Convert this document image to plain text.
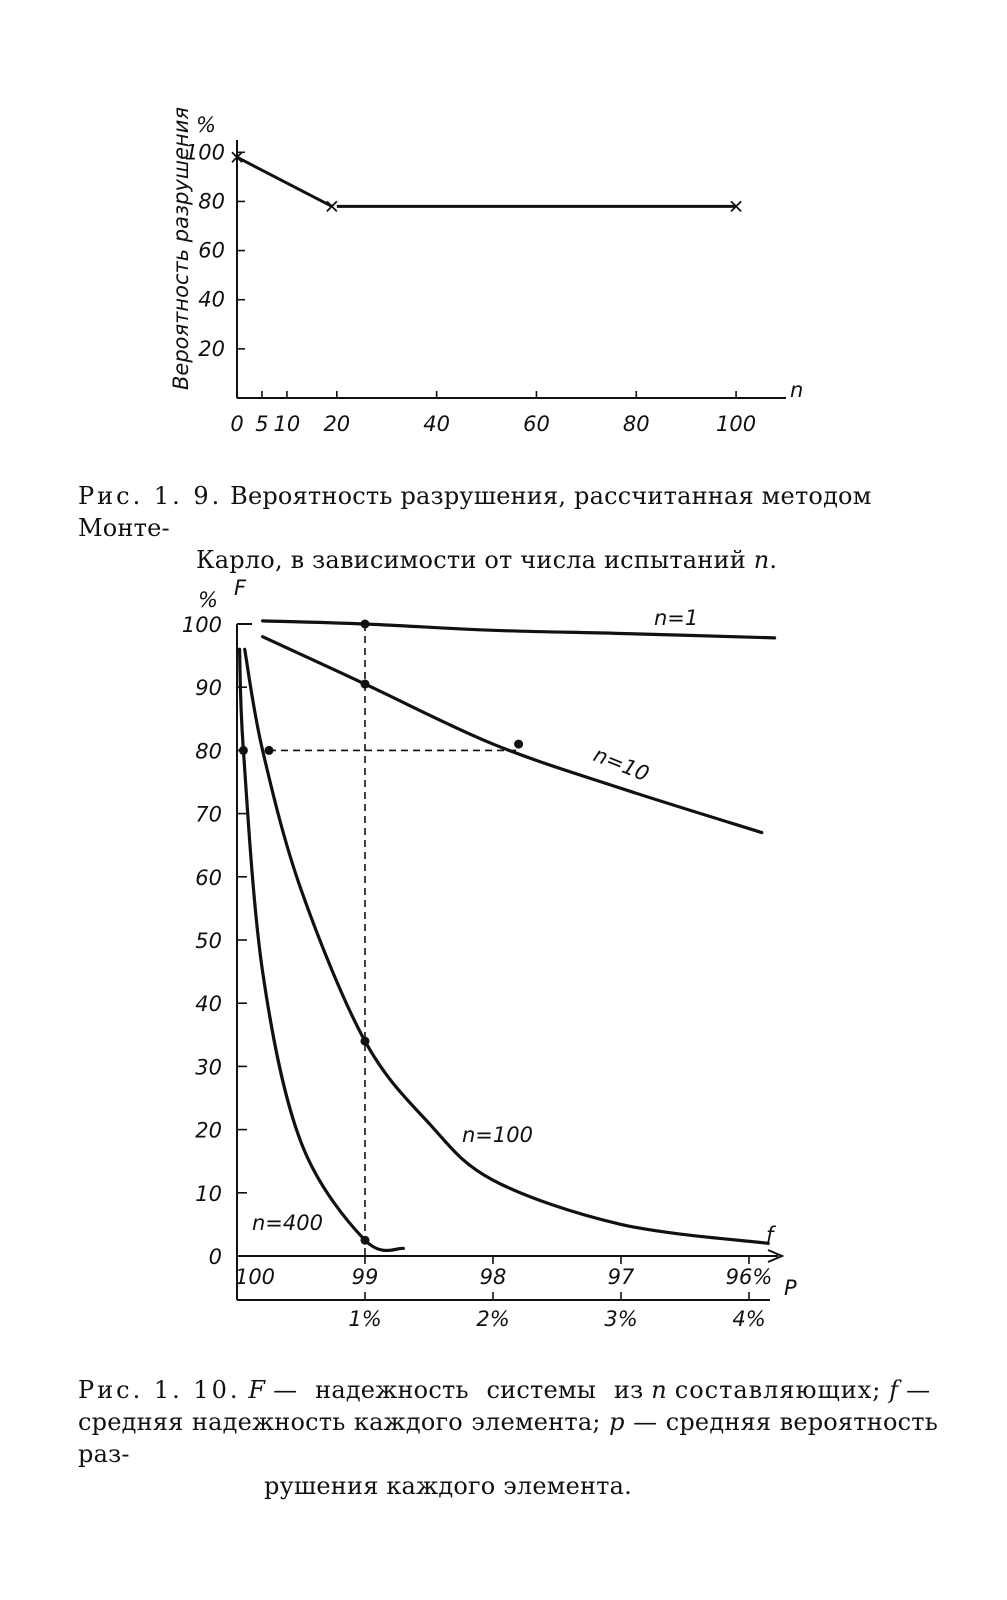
20
40
60
80
100
0 5 10 20	40	60	80	100
%
Вероятность разрушения	n
Рис. 1. 9. Вероятность разрушения, рассчитанная методом Монте-
Карло, в зависимости от числа испытаний n.
0
10
20
30
40
50
60
70
80
90
100
100	99	98	97	96%
1%	2%	3%	4%
% F
P
f
n=1
n=10
n=100
n=400
Рис. 1. 10. F — надежность системы из n составляющих; f —
средняя надежность каждого элемента; p — средняя вероятность раз-
рушения каждого элемента.
